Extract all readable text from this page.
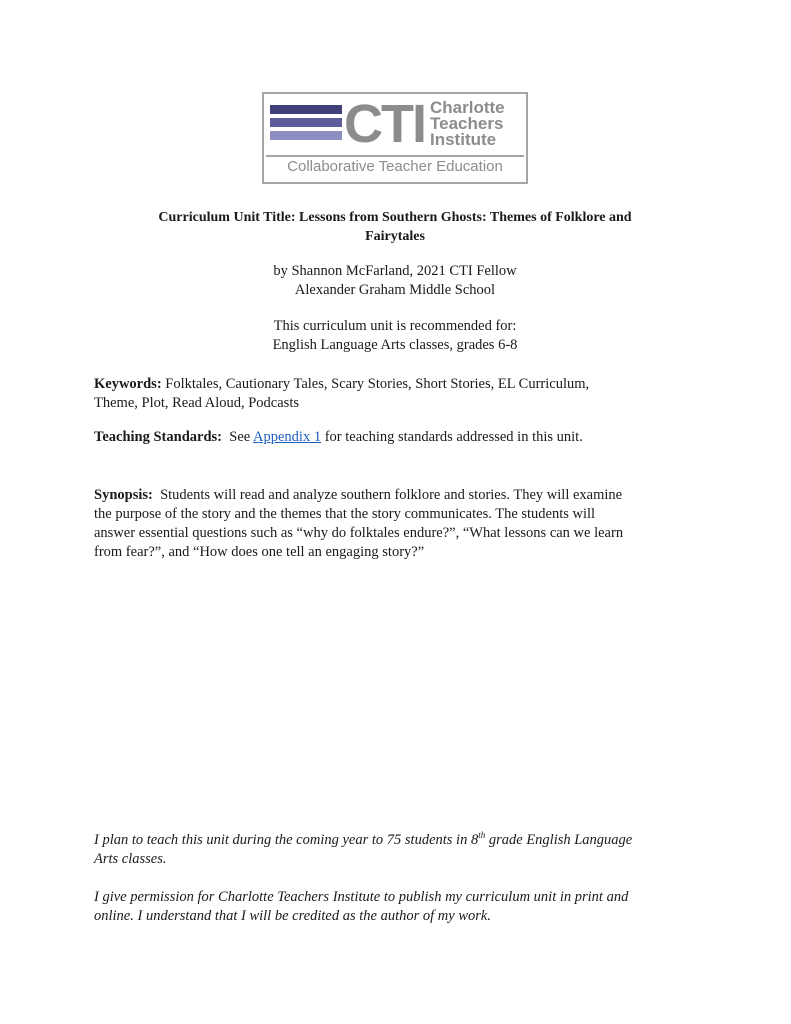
CTI Charlotte
Teachers
Institute
Collaborative Teacher Education
Curriculum Unit Title: Lessons from Southern Ghosts: Themes of Folklore and
Fairytales
by Shannon McFarland, 2021 CTI Fellow
Alexander Graham Middle School
This curriculum unit is recommended for:
English Language Arts classes, grades 6-8
Keywords: Folktales, Cautionary Tales, Scary Stories, Short Stories, EL Curriculum,
Theme, Plot, Read Aloud, Podcasts
Teaching Standards:  See Appendix 1 for teaching standards addressed in this unit.
Synopsis:  Students will read and analyze southern folklore and stories. They will examine
the purpose of the story and the themes that the story communicates. The students will
answer essential questions such as “why do folktales endure?”, “What lessons can we learn
from fear?”, and “How does one tell an engaging story?”
I plan to teach this unit during the coming year to 75 students in 8th grade English Language
Arts classes.
I give permission for Charlotte Teachers Institute to publish my curriculum unit in print and
online. I understand that I will be credited as the author of my work.
